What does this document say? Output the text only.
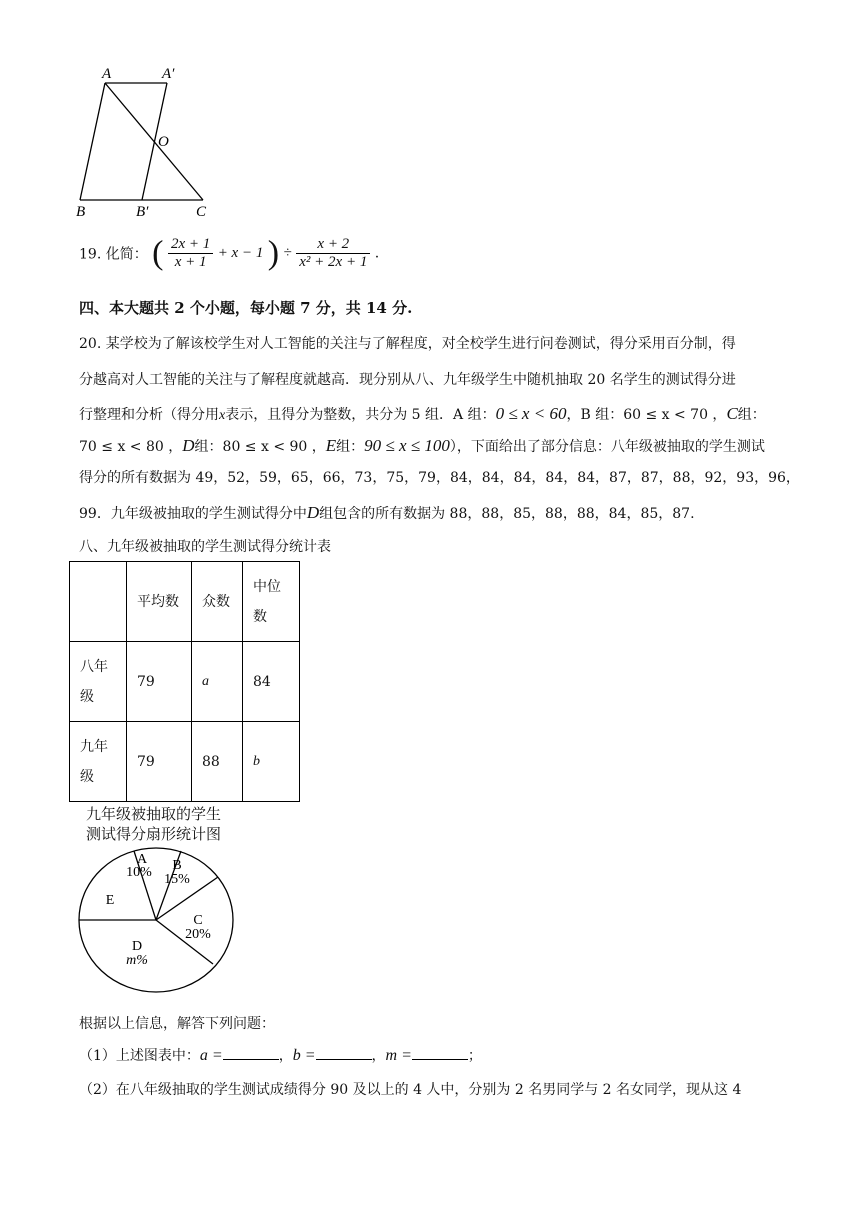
A	A′
O
B	B′	C
19. 化简： ( $\frac{2x + 1}{x + 1} + x - 1$ ) ÷ $\frac{x + 2}{\text{x² + 2x + 1}}$ .
四、本大题共 2 个小题，每小题 7 分，共 14 分.
20. 某学校为了解该校学生对人工智能的关注与了解程度，对全校学生进行问卷测试，得分采用百分制，得
分越高对人工智能的关注与了解程度就越高．现分别从八、九年级学生中随机抽取 20 名学生的测试得分进
行整理和分析（得分用x表示，且得分为整数，共分为 5 组．A 组：0 ≤ x < 60，B 组：60 ≤ x < 70 ，C组：
70 ≤ x < 80 ，D组：80 ≤ x < 90 ，E组：90 ≤ x ≤ 100），下面给出了部分信息：八年级被抽取的学生测试
得分的所有数据为 49，52，59，65，66，73，75，79，84，84，84，84，84，87，87，88，92，93，96，
99．九年级被抽取的学生测试得分中D组包含的所有数据为 88，88，85，88，88，84，85，87.
八、九年级被抽取的学生测试得分统计表
	平均数	众数	中位数
八年级	79	a	84
九年级	79	88	b
九年级被抽取的学生
测试得分扇形统计图
A
10% B
15%
C
20%
D
m%
E
根据以上信息，解答下列问题：
（1）上述图表中：a =	，b =	，m =	；
（2）在八年级抽取的学生测试成绩得分 90 及以上的 4 人中，分别为 2 名男同学与 2 名女同学，现从这 4
